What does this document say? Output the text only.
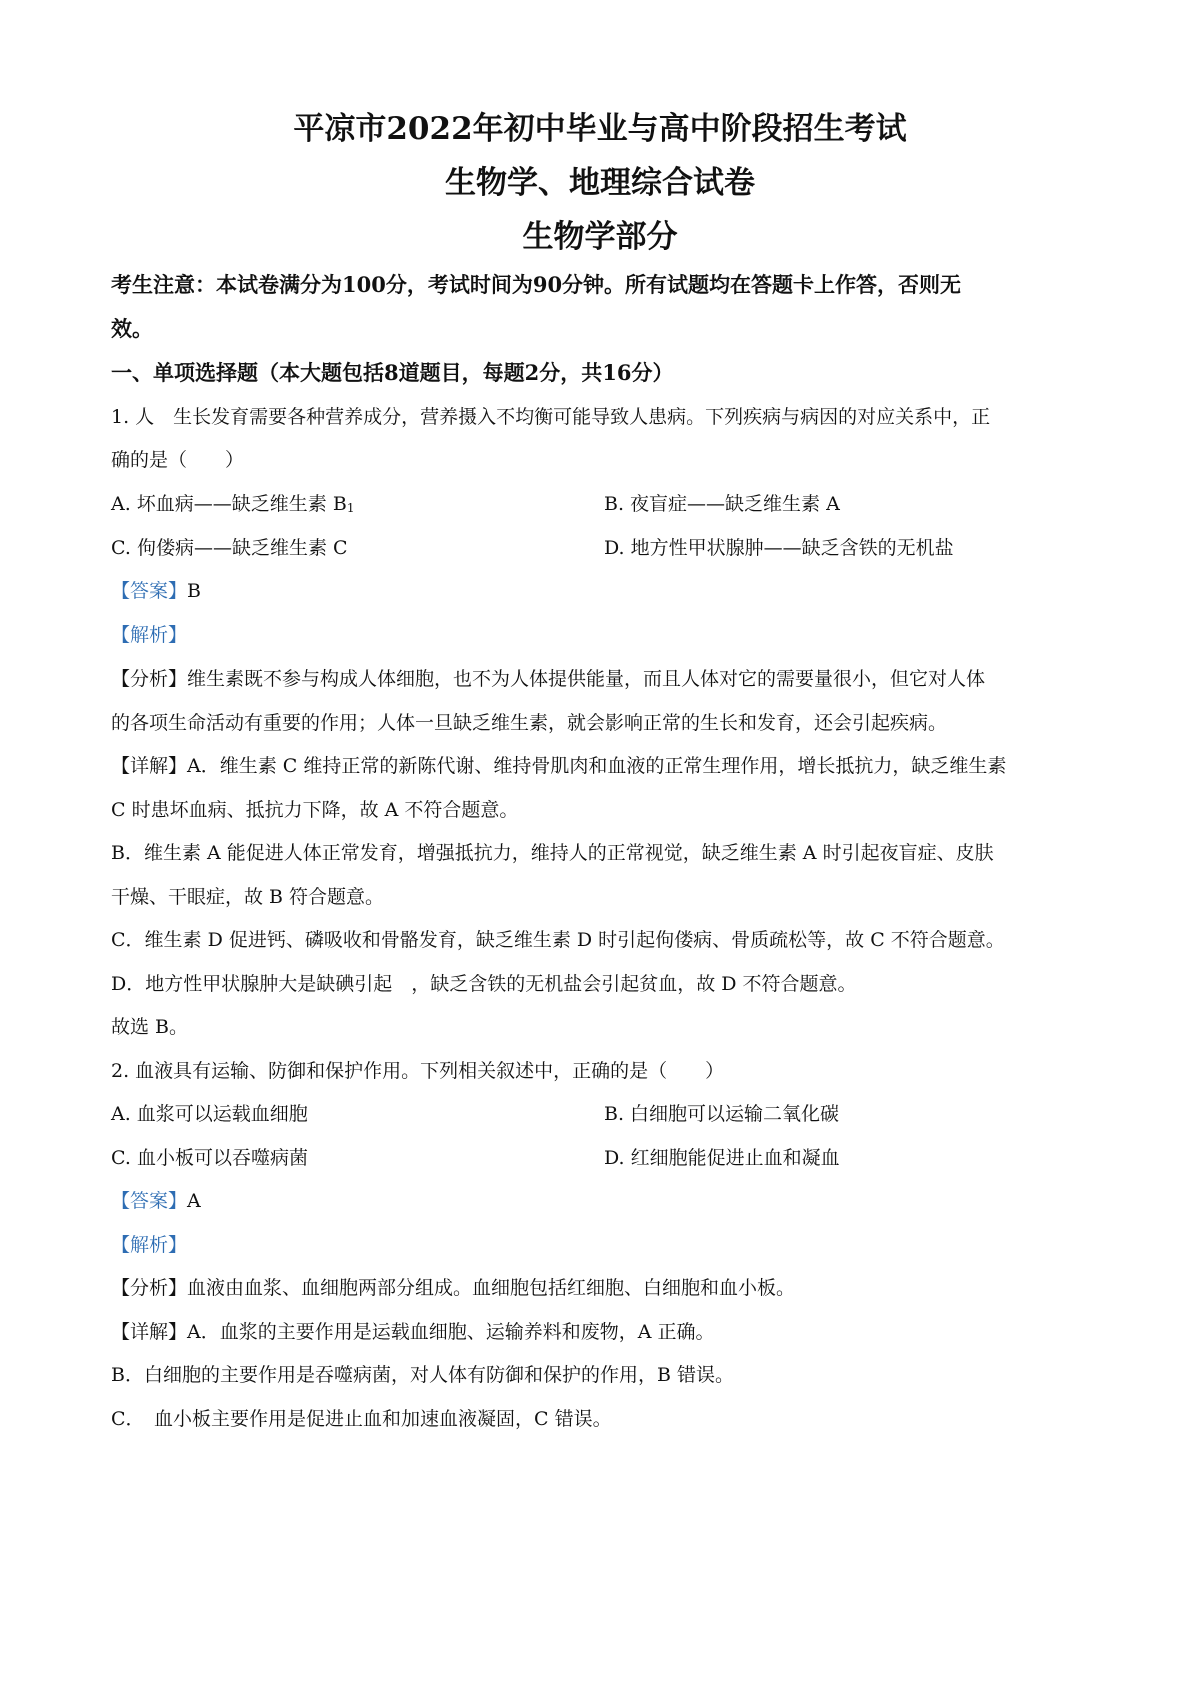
平凉市2022年初中毕业与高中阶段招生考试
生物学、地理综合试卷
生物学部分
考生注意：本试卷满分为100分，考试时间为90分钟。所有试题均在答题卡上作答，否则无
效。
一、单项选择题（本大题包括8道题目，每题2分，共16分）
1. 人　生长发育需要各种营养成分，营养摄入不均衡可能导致人患病。下列疾病与病因的对应关系中，正
确的是（　　）
A. 坏血病——缺乏维生素 $B_1$	B. 夜盲症——缺乏维生素 A
C. 佝偻病——缺乏维生素 C	D. 地方性甲状腺肿——缺乏含铁的无机盐
【答案】B
【解析】
【分析】维生素既不参与构成人体细胞，也不为人体提供能量，而且人体对它的需要量很小，但它对人体
的各项生命活动有重要的作用；人体一旦缺乏维生素，就会影响正常的生长和发育，还会引起疾病。
【详解】A．维生素 C 维持正常的新陈代谢、维持骨肌肉和血液的正常生理作用，增长抵抗力，缺乏维生素
C 时患坏血病、抵抗力下降，故 A 不符合题意。
B．维生素 A 能促进人体正常发育，增强抵抗力，维持人的正常视觉，缺乏维生素 A 时引起夜盲症、皮肤
干燥、干眼症，故 B 符合题意。
C．维生素 D 促进钙、磷吸收和骨骼发育，缺乏维生素 D 时引起佝偻病、骨质疏松等，故 C 不符合题意。
D．地方性甲状腺肿大是缺碘引起　，缺乏含铁的无机盐会引起贫血，故 D 不符合题意。
故选 B。
2. 血液具有运输、防御和保护作用。下列相关叙述中，正确的是（　　）
A. 血浆可以运载血细胞	B. 白细胞可以运输二氧化碳
C. 血小板可以吞噬病菌	D. 红细胞能促进止血和凝血
【答案】A
【解析】
【分析】血液由血浆、血细胞两部分组成。血细胞包括红细胞、白细胞和血小板。
【详解】A．血浆的主要作用是运载血细胞、运输养料和废物，A 正确。
B．白细胞的主要作用是吞噬病菌，对人体有防御和保护的作用，B 错误。
C．　血小板主要作用是促进止血和加速血液凝固，C 错误。
